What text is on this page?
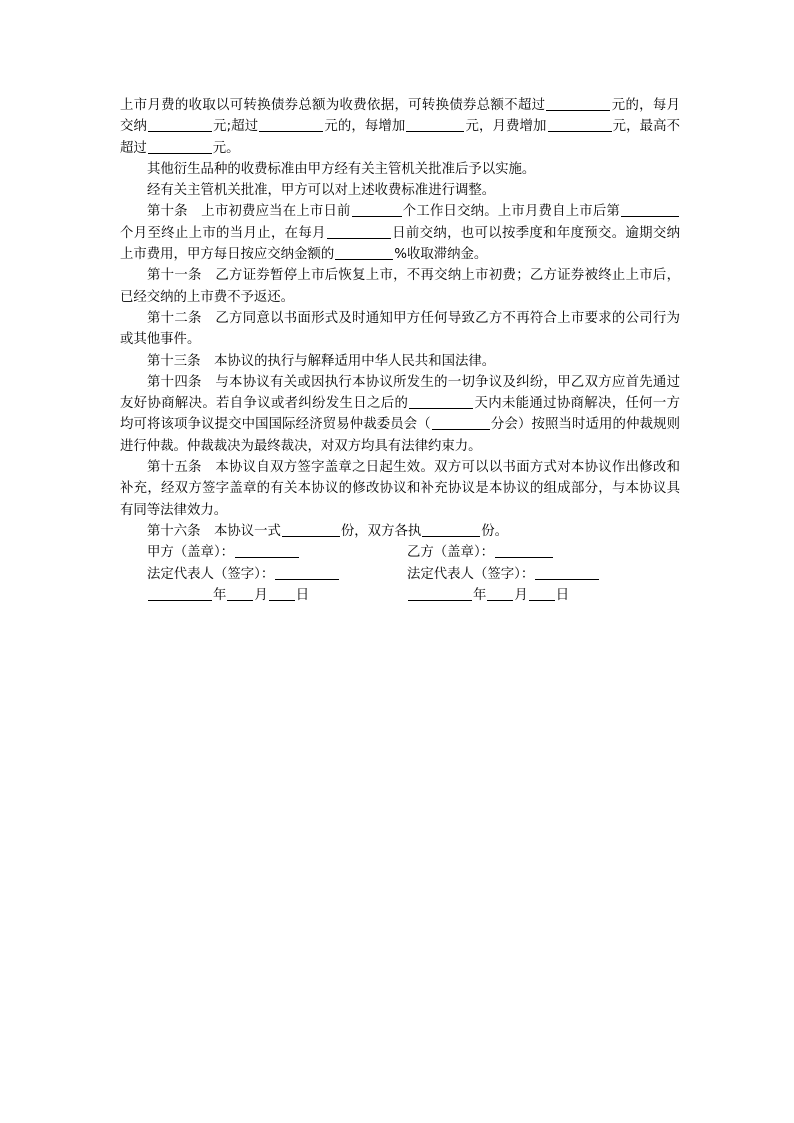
上市月费的收取以可转换债券总额为收费依据，可转换债券总额不超过	元的，每月交纳	元;超过	元的，每增加	元，月费增加	元，最高不超过	元。

其他衍生品种的收费标准由甲方经有关主管机关批准后予以实施。

经有关主管机关批准，甲方可以对上述收费标准进行调整。

第十条　上市初费应当在上市日前	个工作日交纳。上市月费自上市后第个月至终止上市的当月止，在每月	日前交纳，也可以按季度和年度预交。逾期交纳上市费用，甲方每日按应交纳金额的	%收取滞纳金。

第十一条　乙方证券暂停上市后恢复上市，不再交纳上市初费；乙方证券被终止上市后，已经交纳的上市费不予返还。

第十二条　乙方同意以书面形式及时通知甲方任何导致乙方不再符合上市要求的公司行为或其他事件。

第十三条　本协议的执行与解释适用中华人民共和国法律。

第十四条　与本协议有关或因执行本协议所发生的一切争议及纠纷，甲乙双方应首先通过友好协商解决。若自争议或者纠纷发生日之后的	天内未能通过协商解决，任何一方均可将该项争议提交中国国际经济贸易仲裁委员会（	分会）按照当时适用的仲裁规则进行仲裁。仲裁裁决为最终裁决，对双方均具有法律约束力。

第十五条　本协议自双方签字盖章之日起生效。双方可以以书面方式对本协议作出修改和补充，经双方签字盖章的有关本协议的修改协议和补充协议是本协议的组成部分，与本协议具有同等法律效力。

第十六条　本协议一式	份，双方各执	份。

甲方（盖章）：	乙方（盖章）：
法定代表人（签字）：	法定代表人（签字）：
年 月 日	年 月 日
